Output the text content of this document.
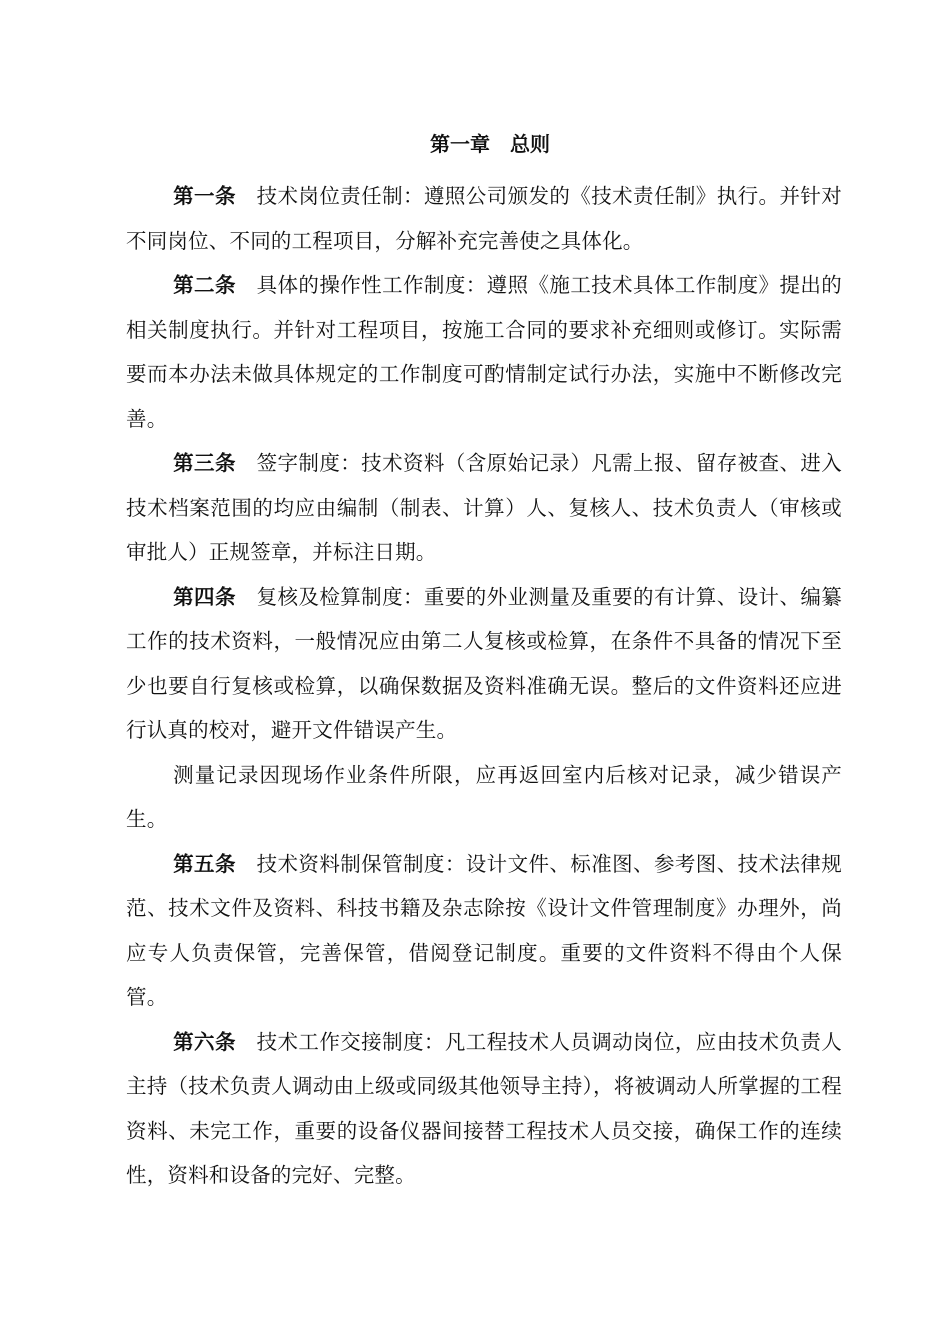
第一章　总则

第一条 技术岗位责任制：遵照公司颁发的《技术责任制》执行。并针对不同岗位、不同的工程项目，分解补充完善使之具体化。

第二条 具体的操作性工作制度：遵照《施工技术具体工作制度》提出的相关制度执行。并针对工程项目，按施工合同的要求补充细则或修订。实际需要而本办法未做具体规定的工作制度可酌情制定试行办法，实施中不断修改完善。

第三条 签字制度：技术资料（含原始记录）凡需上报、留存被查、进入技术档案范围的均应由编制（制表、计算）人、复核人、技术负责人（审核或审批人）正规签章，并标注日期。

第四条 复核及检算制度：重要的外业测量及重要的有计算、设计、编纂工作的技术资料，一般情况应由第二人复核或检算，在条件不具备的情况下至少也要自行复核或检算，以确保数据及资料准确无误。整后的文件资料还应进行认真的校对，避开文件错误产生。

测量记录因现场作业条件所限，应再返回室内后核对记录，减少错误产生。

第五条 技术资料制保管制度：设计文件、标准图、参考图、技术法律规范、技术文件及资料、科技书籍及杂志除按《设计文件管理制度》办理外，尚应专人负责保管，完善保管，借阅登记制度。重要的文件资料不得由个人保管。

第六条 技术工作交接制度：凡工程技术人员调动岗位，应由技术负责人主持（技术负责人调动由上级或同级其他领导主持），将被调动人所掌握的工程资料、未完工作，重要的设备仪器间接替工程技术人员交接，确保工作的连续性，资料和设备的完好、完整。
